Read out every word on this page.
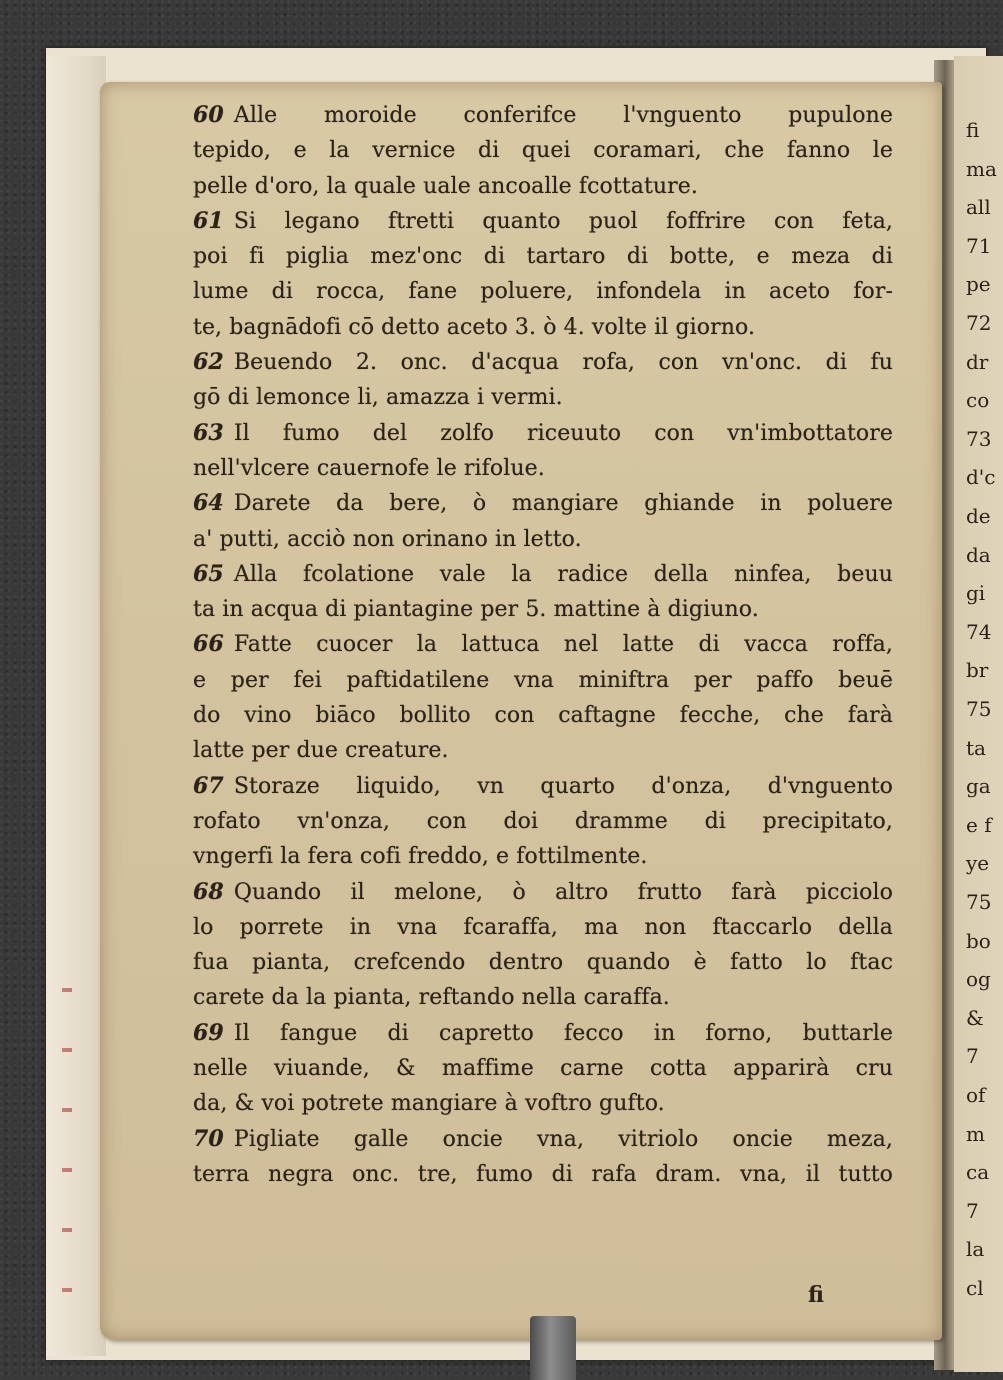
fi
ma
all
71
pe
72
dr
co
73
d'c
de
da
gi
74
br
75
ta
ga
e f
ye
75
bo
og
&
7
of
m
ca
7
la
cl
60 Alle moroide conferifce l'vnguento pupulone
tepido, e la vernice di quei coramari, che fanno le
pelle d'oro, la quale uale ancoalle fcottature.
61 Si legano ftretti quanto puol foffrire con feta,
poi fi piglia mez'onc di tartaro di botte, e meza di
lume di rocca, fane poluere, infondela in aceto for-
te, bagnādofi cō detto aceto 3. ò 4. volte il giorno.
62 Beuendo 2. onc. d'acqua rofa, con vn'onc. di fu
gō di lemonce li, amazza i vermi.
63 Il fumo del zolfo riceuuto con vn'imbottatore
nell'vlcere cauernofe le rifolue.
64 Darete da bere, ò mangiare ghiande in poluere
a' putti, acciò non orinano in letto.
65 Alla fcolatione vale la radice della ninfea, beuu
ta in acqua di piantagine per 5. mattine à digiuno.
66 Fatte cuocer la lattuca nel latte di vacca roffa,
e per fei paftidatilene vna miniftra per paffo beuē
do vino biāco bollito con caftagne fecche, che farà
latte per due creature.
67 Storaze liquido, vn quarto d'onza, d'vnguento
rofato vn'onza, con doi dramme di precipitato,
vngerfi la fera cofi freddo, e fottilmente.
68 Quando il melone, ò altro frutto farà picciolo
lo porrete in vna fcaraffa, ma non ftaccarlo della
fua pianta, crefcendo dentro quando è fatto lo ftac
carete da la pianta, reftando nella caraffa.
69 Il fangue di capretto fecco in forno, buttarle
nelle viuande, & maffime carne cotta apparirà cru
da, & voi potrete mangiare à voftro gufto.
70 Pigliate galle oncie vna, vitriolo oncie meza,
terra negra onc. tre, fumo di rafa dram. vna, il tutto
fi
